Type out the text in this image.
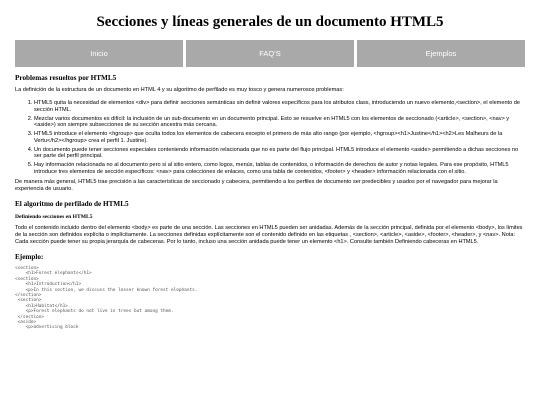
Secciones y líneas generales de un documento HTML5
Inicio	FAQ'S	Ejemplos
Problemas resueltos por HTML5

La definición de la estructura de un documento en HTML 4 y su algoritmo de perfilado es muy tosco y genera numerosos problemas:

1. HTML5 quita la necesidad de elementos <div> para definir secciones semánticas sin definir valores específicos para los atributos class, introduciendo un nuevo elemento,<section>, el elemento de sección HTML.
2. Mezclar varios documentos es difícil: la inclusión de un sub-documento en un documento principal. Esto se resuelve en HTML5 con los elementos de seccionado (<article>, <section>, <nav> y <aside>) son siempre subsecciones de su sección ancestra más cercana.
3. HTML5 introduce el elemento <hgroup> que oculta todos los elementos de cabecera excepto el primero de más alto rango (por ejemplo, <hgroup><h1>Justine</h1><h2>Les Malheurs de la Vertu</h2></hgroup> crea el perfil 1. Justine).
4. Un documento puede tener secciones especiales conteniendo información relacionada que no es parte del flujo principal. HTML5 introduce el elemento <aside> permitiendo a dichas secciones no ser parte del perfil principal.
5. Hay información relacionada no al documento pero si al sitio entero, como logos, menús, tablas de contenidos, o información de derechos de autor y notas legales. Para ese propósito, HTML5 introduce tres elementos de sección específicos: <nav> para colecciones de enlaces, como una tabla de contenidos, <footer> y <header> información relacionada con el sitio.

De manera más general, HTML5 trae precisión a las características de seccionado y cabecera, permitiendo a los perfiles de documento ser predecibles y usados por el navegador para mejorar la experiencia de usuario.

El algoritmo de perfilado de HTML5
Definiendo secciones en HTML5

Todo el contenido incluido dentro del elemento <body> es parte de una sección. Las secciones en HTML5 pueden ser anidadas. Además de la sección principal, definida por el elemento <body>, los límites de la sección son definidos explícita o implícitamente. La secciones definidas explícitamente son el contenido definido en las etiquetas , <section>, <article>, <aside>, <footer>, <header>, y <nav>. Nota: Cada sección puede tener su propia jerarquía de cabeceras. Por lo tanto, incluso una sección anidada puede tener un elemento <h1>. Consulte también Definiendo cabeceras en HTML5.

Ejemplo:
<section>
<h1>Forest elephants</h1>
<section>
<h1>Introduction</h1>
<p>In this section, we discuss the lesser known forest elephants.
</section>
<section>
<h1>Habitat</h1>
<p>Forest elephants do not live in trees but among them.
</section>
<aside>
<p>advertising block
